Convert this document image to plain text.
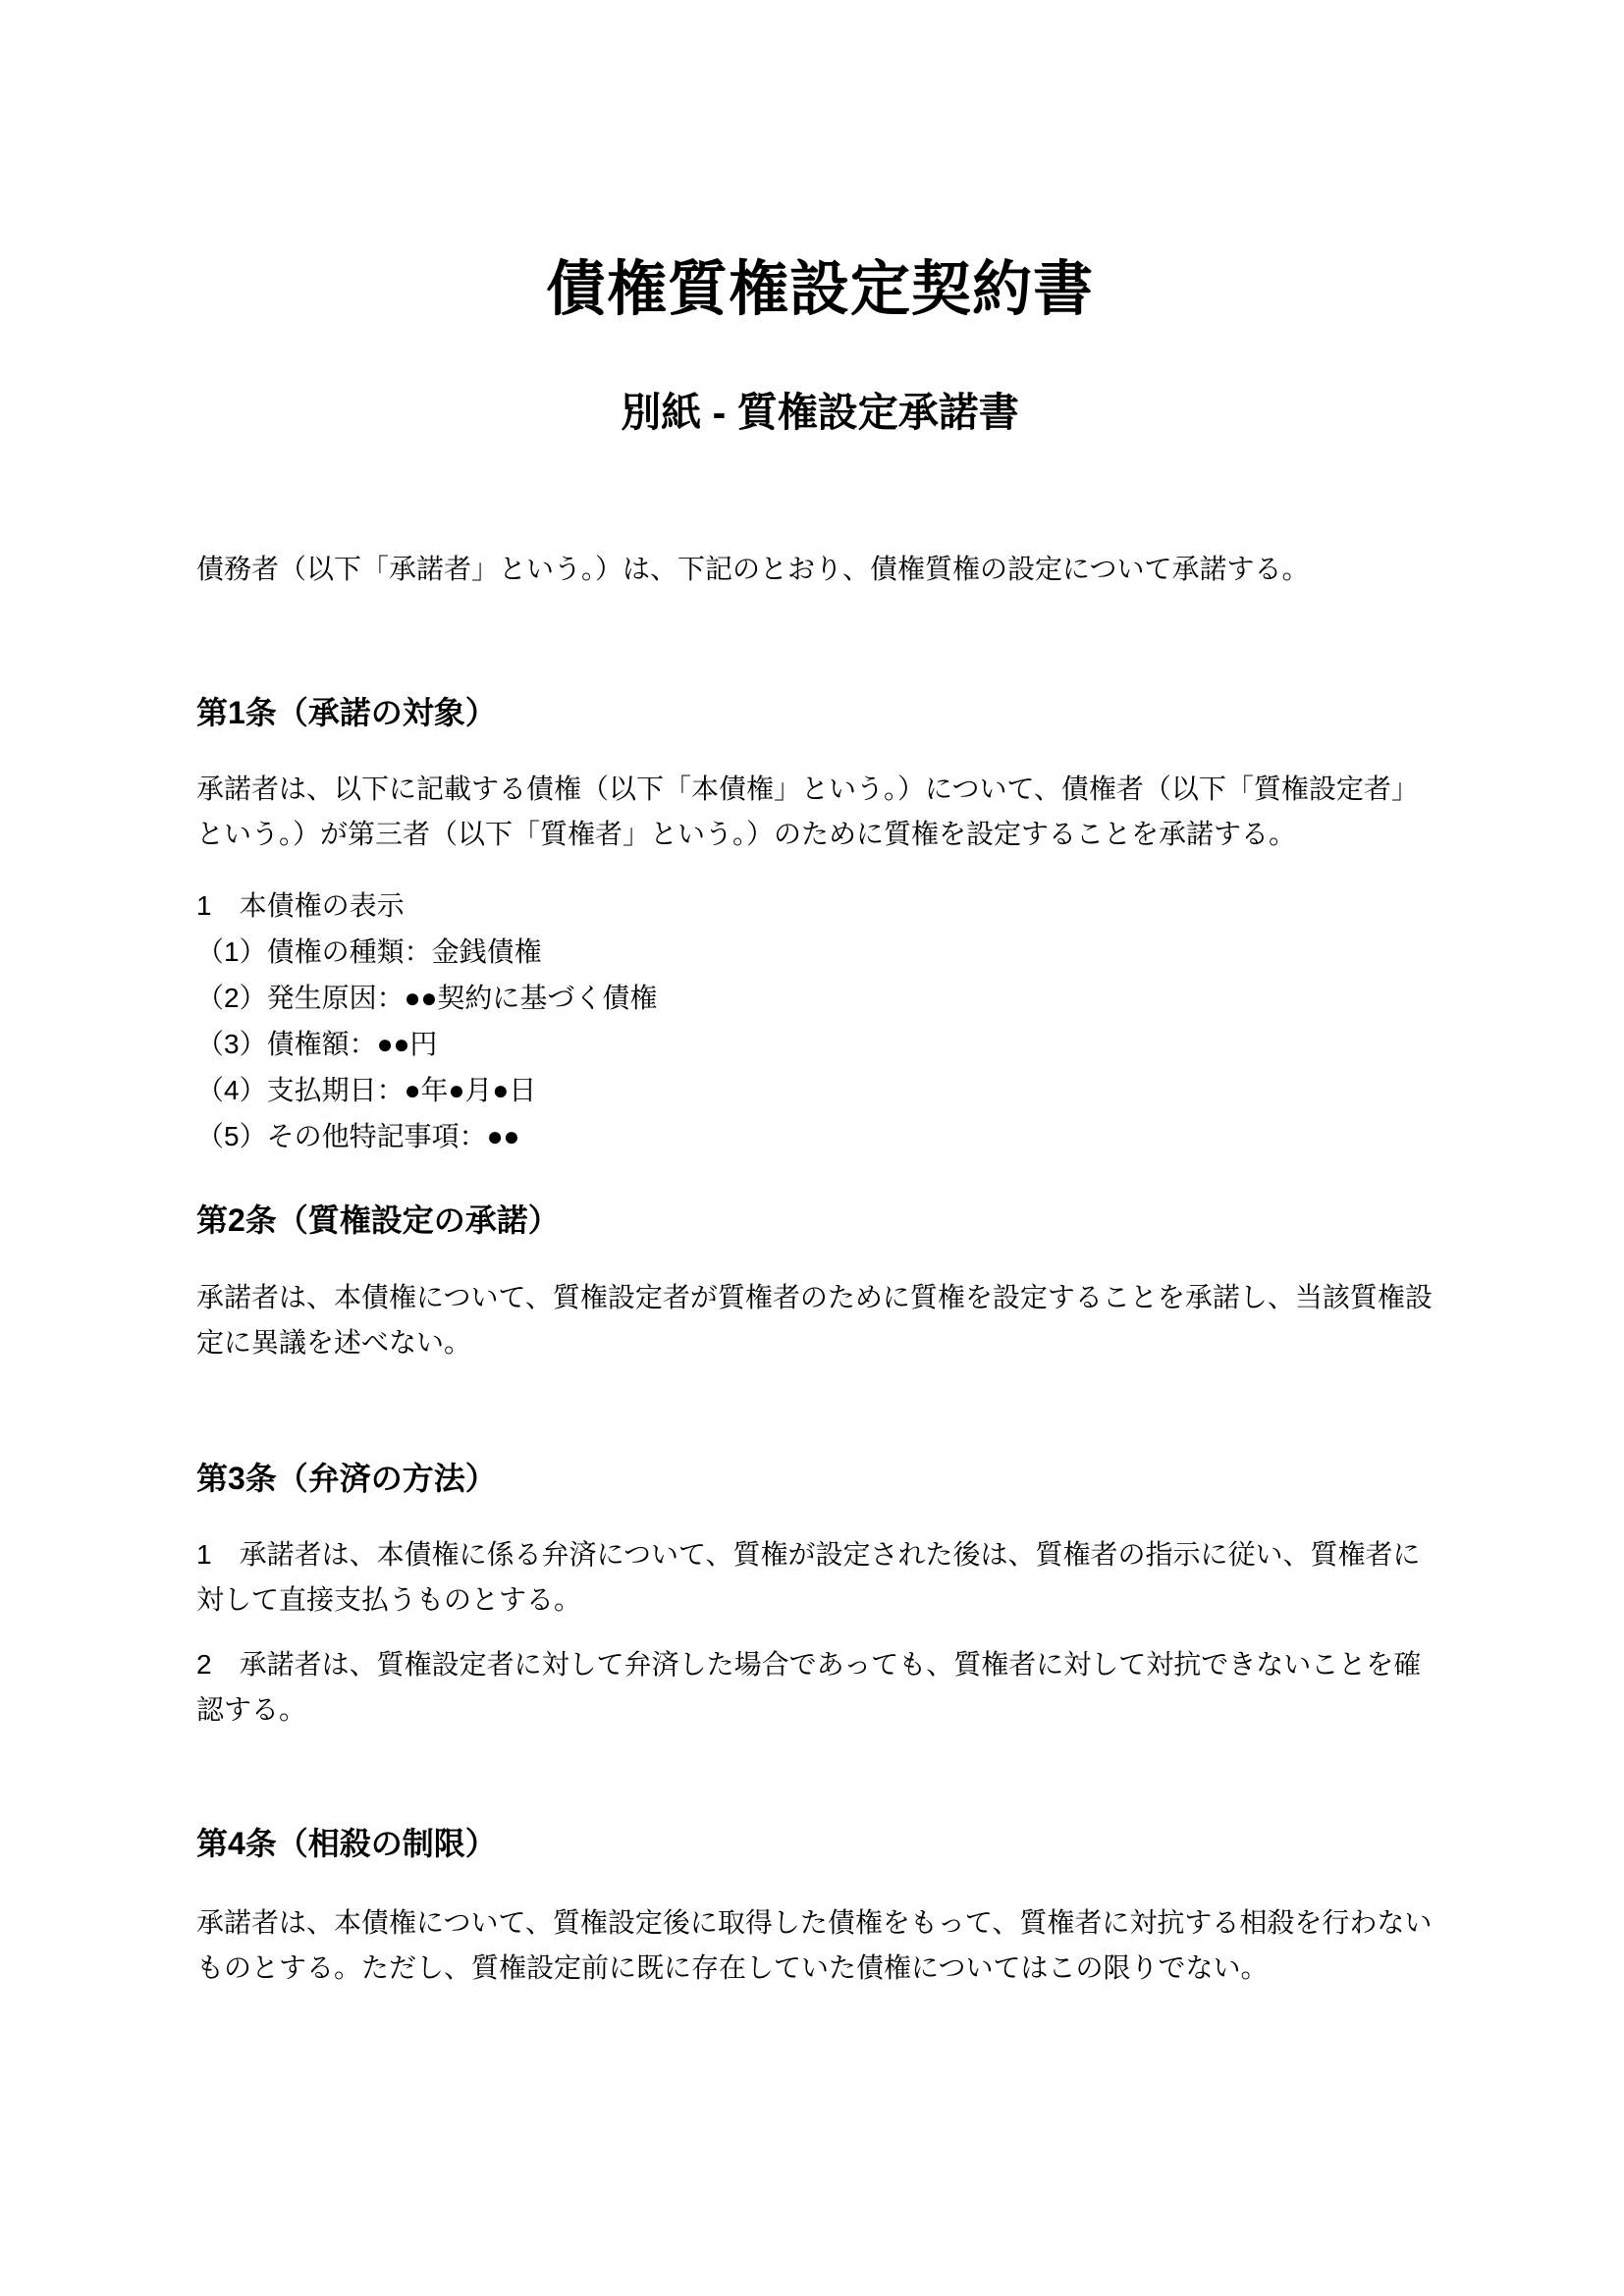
債権質権設定契約書
別紙 - 質権設定承諾書

債務者（以下「承諾者」という。）は、下記のとおり、債権質権の設定について承諾する。

第1条（承諾の対象）

承諾者は、以下に記載する債権（以下「本債権」という。）について、債権者（以下「質権設定者」という。）が第三者（以下「質権者」という。）のために質権を設定することを承諾する。

1　本債権の表示
（1）債権の種類：金銭債権
（2）発生原因：●●契約に基づく債権
（3）債権額：●●円
（4）支払期日：●年●月●日
（5）その他特記事項：●●
第2条（質権設定の承諾）

承諾者は、本債権について、質権設定者が質権者のために質権を設定することを承諾し、当該質権設定に異議を述べない。

第3条（弁済の方法）

1　承諾者は、本債権に係る弁済について、質権が設定された後は、質権者の指示に従い、質権者に対して直接支払うものとする。

2　承諾者は、質権設定者に対して弁済した場合であっても、質権者に対して対抗できないことを確認する。

第4条（相殺の制限）

承諾者は、本債権について、質権設定後に取得した債権をもって、質権者に対抗する相殺を行わないものとする。ただし、質権設定前に既に存在していた債権についてはこの限りでない。
